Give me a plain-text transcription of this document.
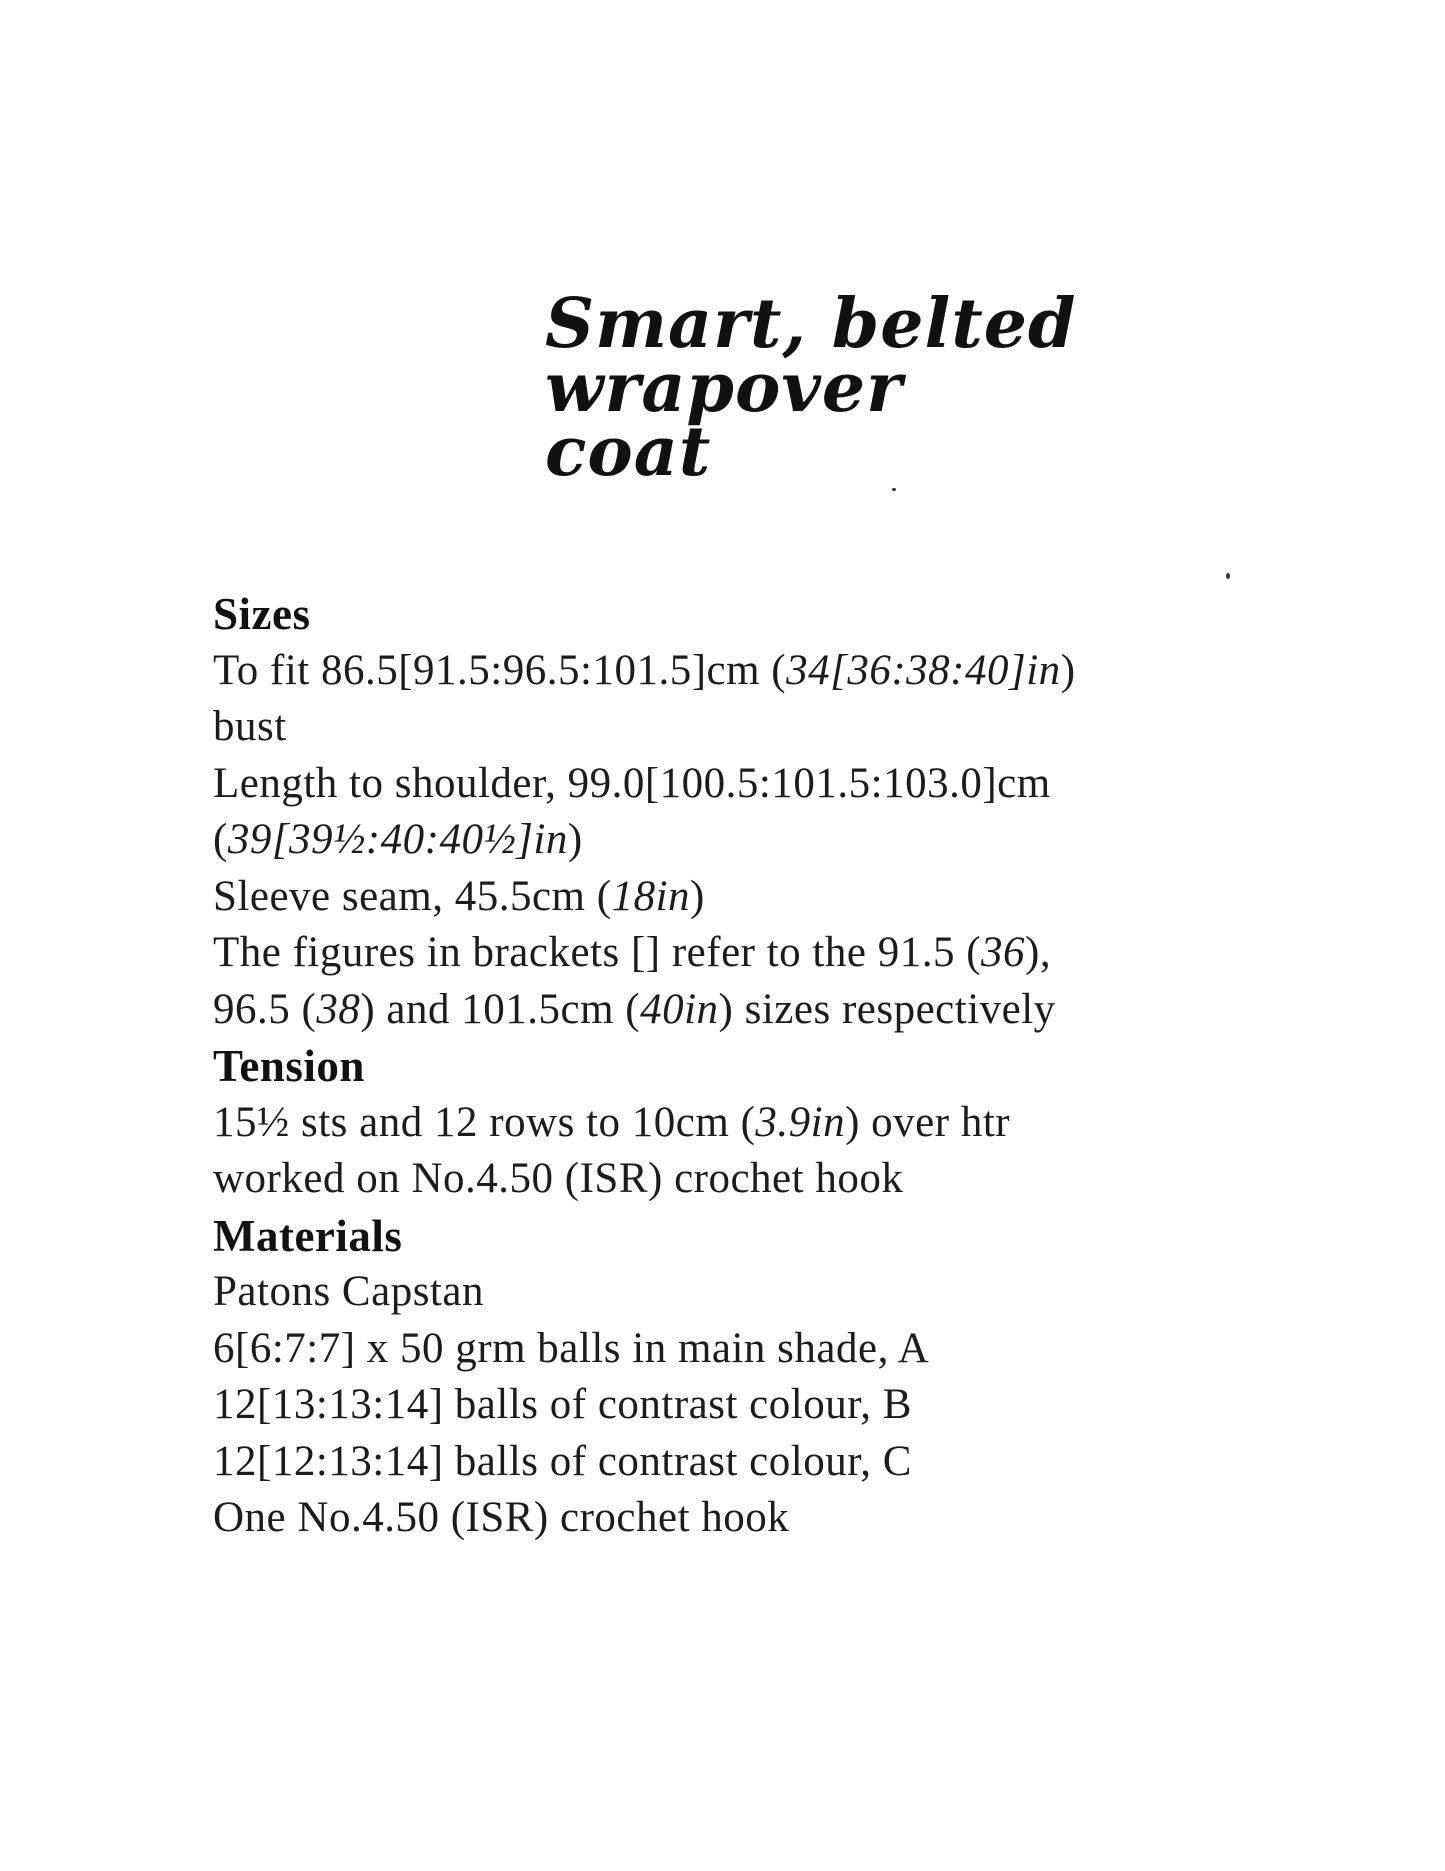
Smart, belted
wrapover
coat
Sizes
To fit 86.5[91.5:96.5:101.5]cm (34[36:38:40]in)
bust
Length to shoulder, 99.0[100.5:101.5:103.0]cm
(39[39½:40:40½]in)
Sleeve seam, 45.5cm (18in)
The figures in brackets [] refer to the 91.5 (36),
96.5 (38) and 101.5cm (40in) sizes respectively
Tension
15½ sts and 12 rows to 10cm (3.9in) over htr
worked on No.4.50 (ISR) crochet hook
Materials
Patons Capstan
6[6:7:7] x 50 grm balls in main shade, A
12[13:13:14] balls of contrast colour, B
12[12:13:14] balls of contrast colour, C
One No.4.50 (ISR) crochet hook
